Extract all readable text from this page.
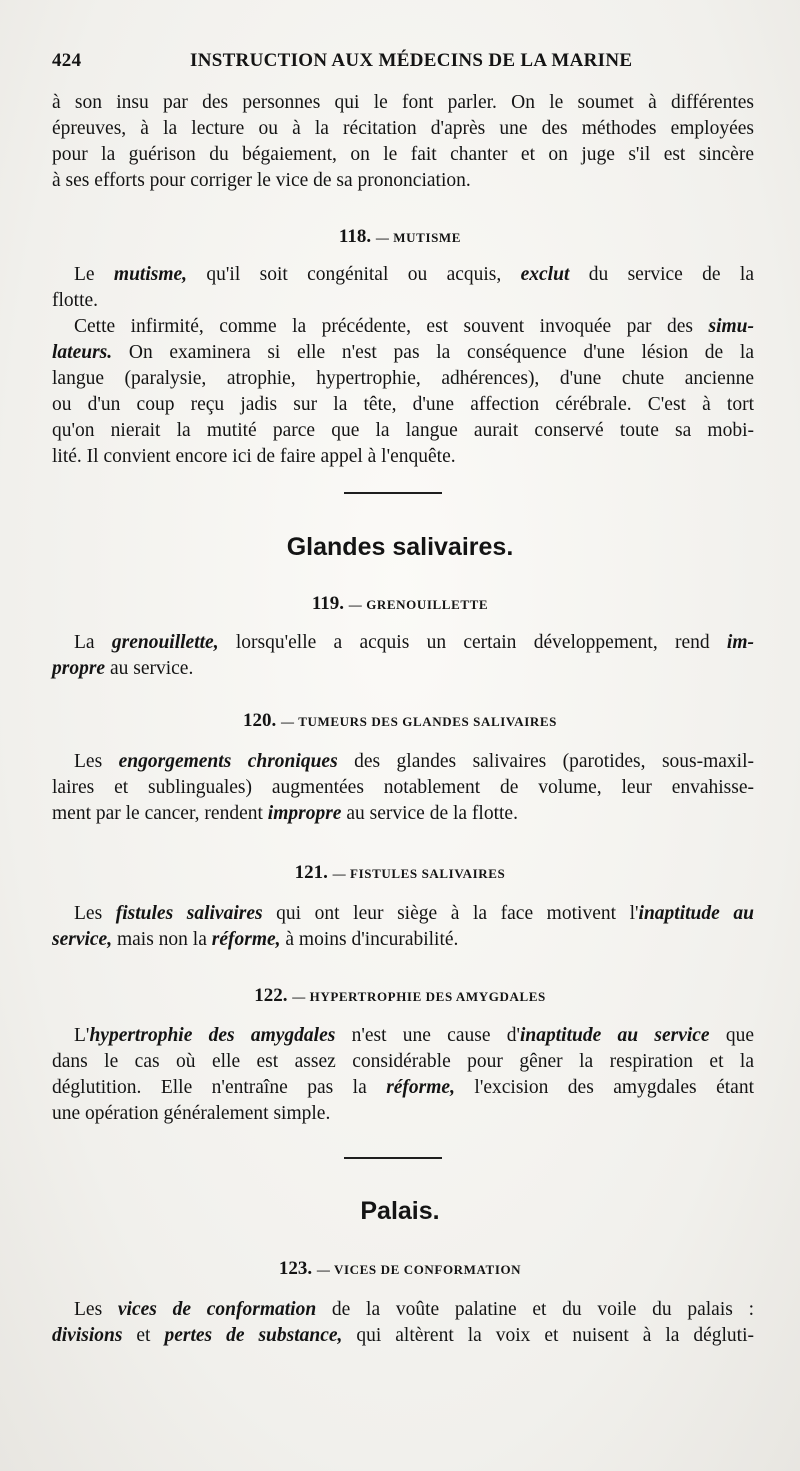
424	INSTRUCTION AUX MÉDECINS DE LA MARINE
à son insu par des personnes qui le font parler. On le soumet à différentes
épreuves, à la lecture ou à la récitation d'après une des méthodes employées
pour la guérison du bégaiement, on le fait chanter et on juge s'il est sincère
à ses efforts pour corriger le vice de sa prononciation.
118. — MUTISME
Le mutisme, qu'il soit congénital ou acquis, exclut du service de la
flotte.
Cette infirmité, comme la précédente, est souvent invoquée par des simu-
lateurs. On examinera si elle n'est pas la conséquence d'une lésion de la
langue (paralysie, atrophie, hypertrophie, adhérences), d'une chute ancienne
ou d'un coup reçu jadis sur la tête, d'une affection cérébrale. C'est à tort
qu'on nierait la mutité parce que la langue aurait conservé toute sa mobi-
lité. Il convient encore ici de faire appel à l'enquête.
Glandes salivaires.
119. — GRENOUILLETTE
La grenouillette, lorsqu'elle a acquis un certain développement, rend im-
propre au service.
120. — TUMEURS DES GLANDES SALIVAIRES
Les engorgements chroniques des glandes salivaires (parotides, sous-maxil-
laires et sublinguales) augmentées notablement de volume, leur envahisse-
ment par le cancer, rendent impropre au service de la flotte.
121. — FISTULES SALIVAIRES
Les fistules salivaires qui ont leur siège à la face motivent l'inaptitude au
service, mais non la réforme, à moins d'incurabilité.
122. — HYPERTROPHIE DES AMYGDALES
L'hypertrophie des amygdales n'est une cause d'inaptitude au service que
dans le cas où elle est assez considérable pour gêner la respiration et la
déglutition. Elle n'entraîne pas la réforme, l'excision des amygdales étant
une opération généralement simple.
Palais.
123. — VICES DE CONFORMATION
Les vices de conformation de la voûte palatine et du voile du palais :
divisions et pertes de substance, qui altèrent la voix et nuisent à la dégluti-
